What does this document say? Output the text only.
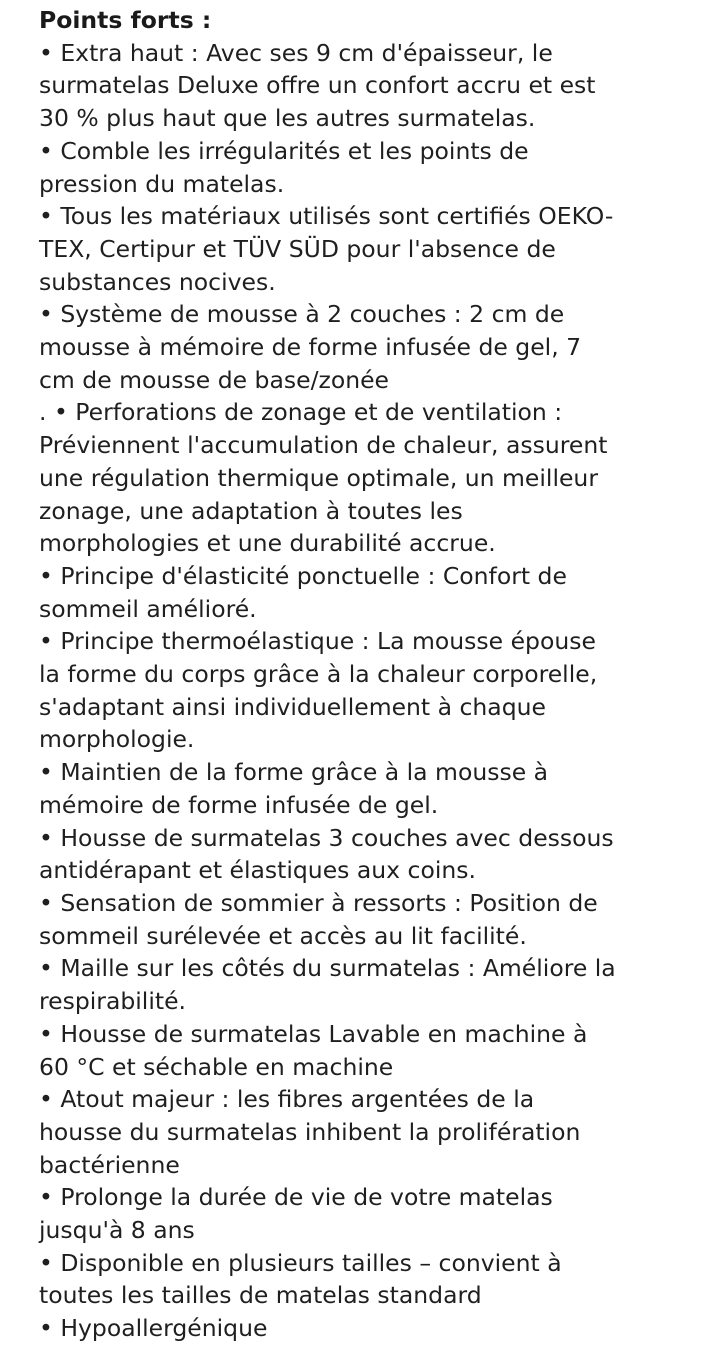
Points forts :
• Extra haut : Avec ses 9 cm d'épaisseur, le
surmatelas Deluxe offre un confort accru et est
30 % plus haut que les autres surmatelas.
• Comble les irrégularités et les points de
pression du matelas.
• Tous les matériaux utilisés sont certifiés OEKO-
TEX, Certipur et TÜV SÜD pour l'absence de
substances nocives.
• Système de mousse à 2 couches : 2 cm de
mousse à mémoire de forme infusée de gel, 7
cm de mousse de base/zonée
. • Perforations de zonage et de ventilation :
Préviennent l'accumulation de chaleur, assurent
une régulation thermique optimale, un meilleur
zonage, une adaptation à toutes les
morphologies et une durabilité accrue.
• Principe d'élasticité ponctuelle : Confort de
sommeil amélioré.
• Principe thermoélastique : La mousse épouse
la forme du corps grâce à la chaleur corporelle,
s'adaptant ainsi individuellement à chaque
morphologie.
• Maintien de la forme grâce à la mousse à
mémoire de forme infusée de gel.
• Housse de surmatelas 3 couches avec dessous
antidérapant et élastiques aux coins.
• Sensation de sommier à ressorts : Position de
sommeil surélevée et accès au lit facilité.
• Maille sur les côtés du surmatelas : Améliore la
respirabilité.
• Housse de surmatelas Lavable en machine à
60 °C et séchable en machine
• Atout majeur : les fibres argentées de la
housse du surmatelas inhibent la prolifération
bactérienne
• Prolonge la durée de vie de votre matelas
jusqu'à 8 ans
• Disponible en plusieurs tailles – convient à
toutes les tailles de matelas standard
• Hypoallergénique
